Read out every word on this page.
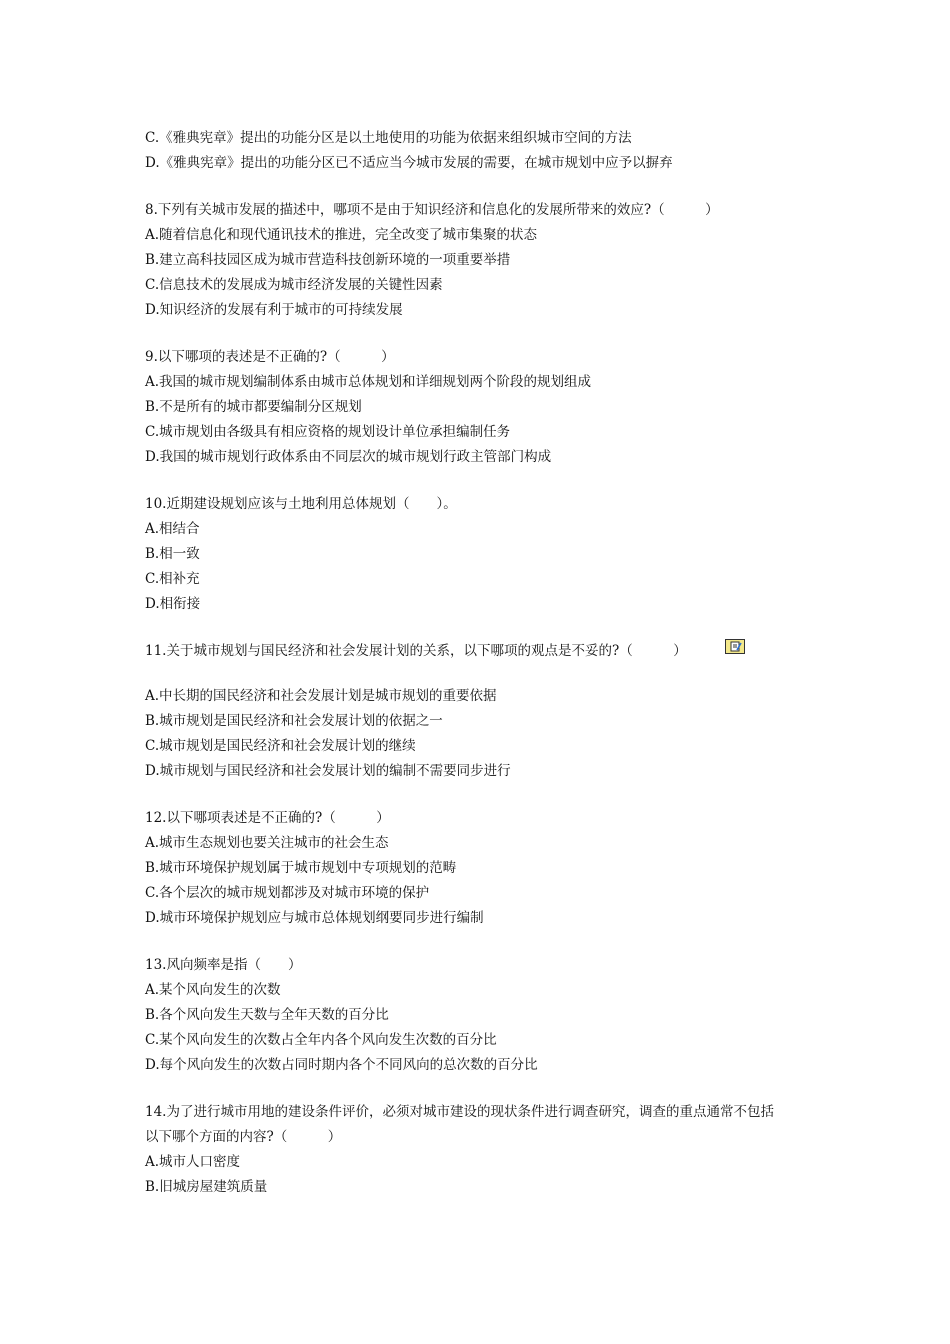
C.《雅典宪章》提出的功能分区是以土地使用的功能为依据来组织城市空间的方法
D.《雅典宪章》提出的功能分区已不适应当今城市发展的需要，在城市规划中应予以摒弃
8.下列有关城市发展的描述中，哪项不是由于知识经济和信息化的发展所带来的效应?（　　　）
A.随着信息化和现代通讯技术的推进，完全改变了城市集聚的状态
B.建立高科技园区成为城市营造科技创新环境的一项重要举措
C.信息技术的发展成为城市经济发展的关键性因素
D.知识经济的发展有利于城市的可持续发展
9.以下哪项的表述是不正确的?（　　　）
A.我国的城市规划编制体系由城市总体规划和详细规划两个阶段的规划组成
B.不是所有的城市都要编制分区规划
C.城市规划由各级具有相应资格的规划设计单位承担编制任务
D.我国的城市规划行政体系由不同层次的城市规划行政主管部门构成
10.近期建设规划应该与土地利用总体规划（　　）。
A.相结合
B.相一致
C.相补充
D.相衔接
11.关于城市规划与国民经济和社会发展计划的关系，以下哪项的观点是不妥的?（　　　）
A.中长期的国民经济和社会发展计划是城市规划的重要依据
B.城市规划是国民经济和社会发展计划的依据之一
C.城市规划是国民经济和社会发展计划的继续
D.城市规划与国民经济和社会发展计划的编制不需要同步进行
12.以下哪项表述是不正确的?（　　　）
A.城市生态规划也要关注城市的社会生态
B.城市环境保护规划属于城市规划中专项规划的范畴
C.各个层次的城市规划都涉及对城市环境的保护
D.城市环境保护规划应与城市总体规划纲要同步进行编制
13.风向频率是指（　　）
A.某个风向发生的次数
B.各个风向发生天数与全年天数的百分比
C.某个风向发生的次数占全年内各个风向发生次数的百分比
D.每个风向发生的次数占同时期内各个不同风向的总次数的百分比
14.为了进行城市用地的建设条件评价，必须对城市建设的现状条件进行调查研究，调查的重点通常不包括
以下哪个方面的内容?（　　　）
A.城市人口密度
B.旧城房屋建筑质量
